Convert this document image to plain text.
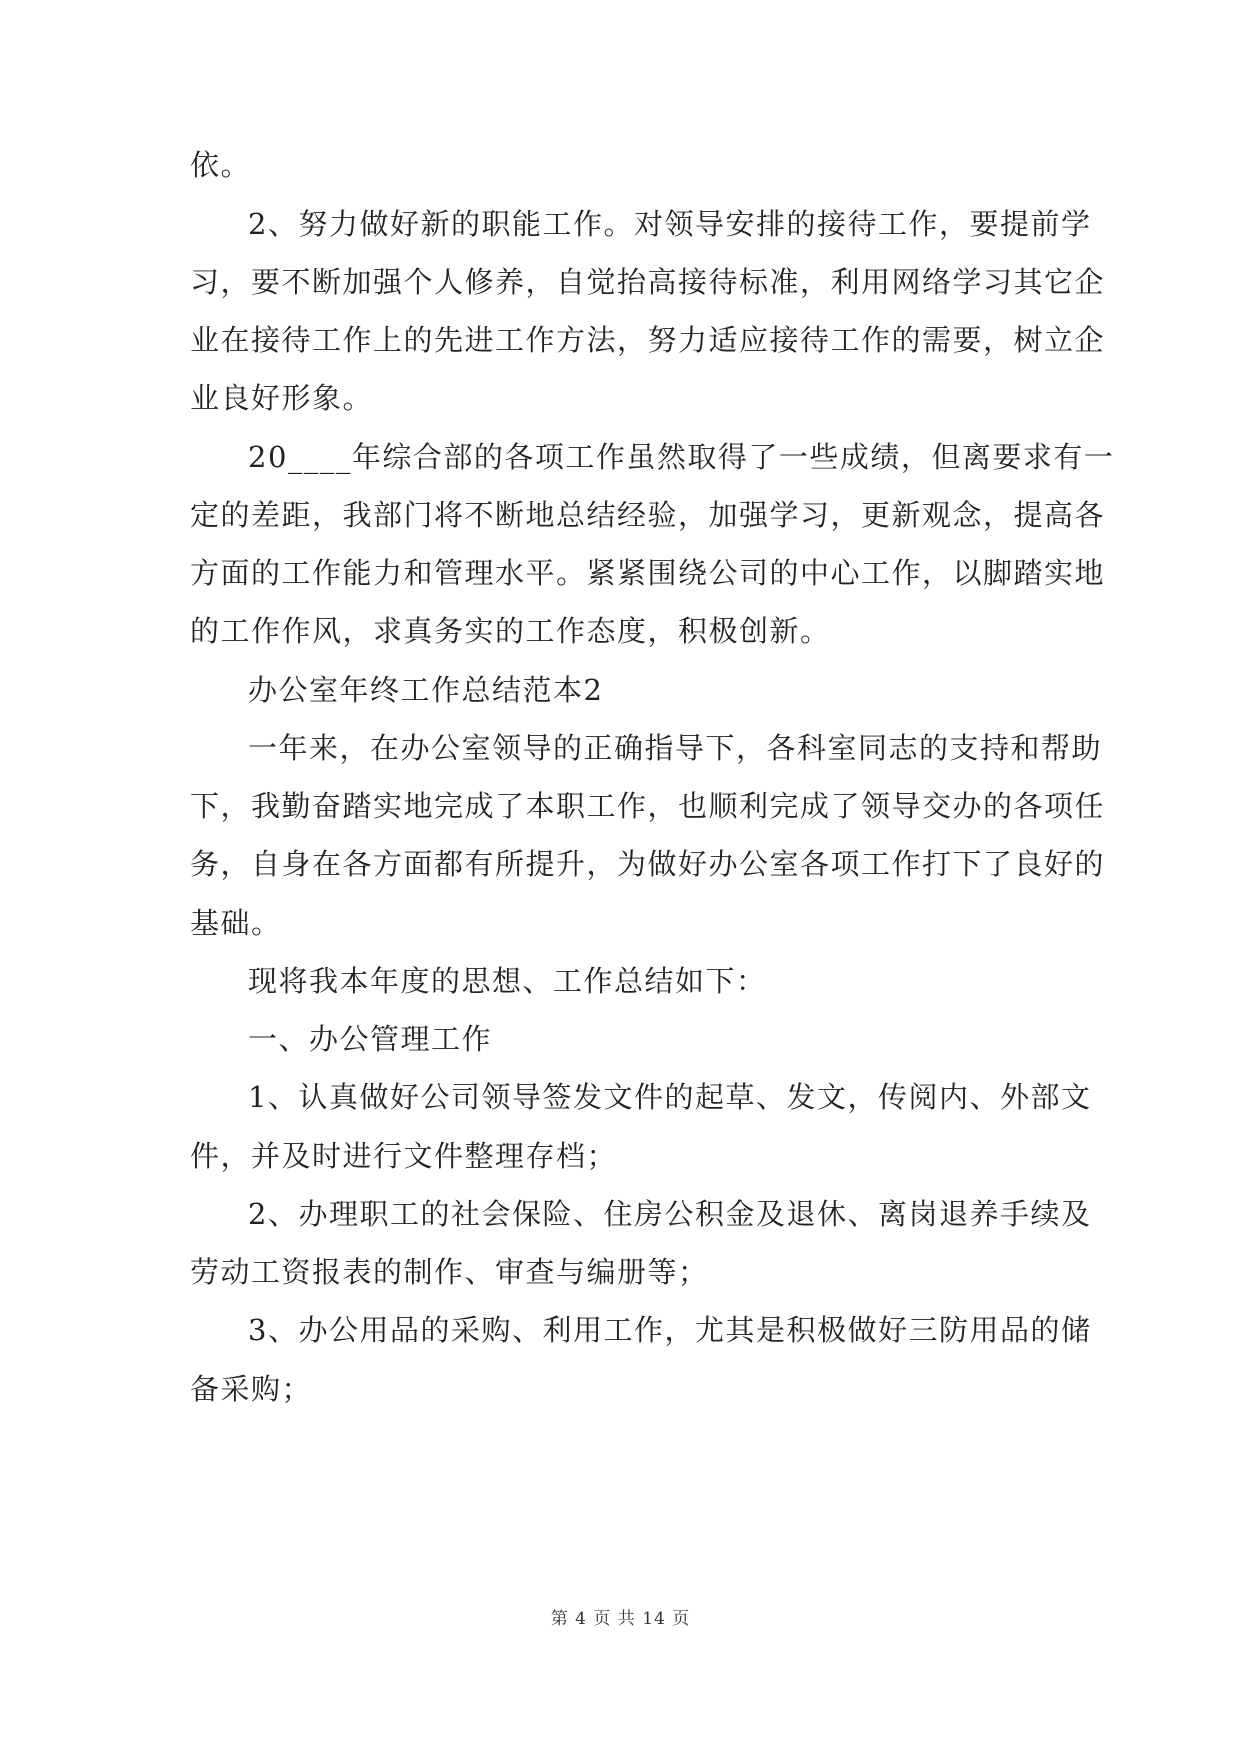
依。
2、努力做好新的职能工作。对领导安排的接待工作，要提前学
习，要不断加强个人修养，自觉抬高接待标准，利用网络学习其它企
业在接待工作上的先进工作方法，努力适应接待工作的需要，树立企
业良好形象。
20____年综合部的各项工作虽然取得了一些成绩，但离要求有一
定的差距，我部门将不断地总结经验，加强学习，更新观念，提高各
方面的工作能力和管理水平。紧紧围绕公司的中心工作，以脚踏实地
的工作作风，求真务实的工作态度，积极创新。
办公室年终工作总结范本2
一年来，在办公室领导的正确指导下，各科室同志的支持和帮助
下，我勤奋踏实地完成了本职工作，也顺利完成了领导交办的各项任
务，自身在各方面都有所提升，为做好办公室各项工作打下了良好的
基础。
现将我本年度的思想、工作总结如下：
一、办公管理工作
1、认真做好公司领导签发文件的起草、发文，传阅内、外部文
件，并及时进行文件整理存档；
2、办理职工的社会保险、住房公积金及退休、离岗退养手续及
劳动工资报表的制作、审查与编册等；
3、办公用品的采购、利用工作，尤其是积极做好三防用品的储
备采购；
第 4 页 共 14 页
